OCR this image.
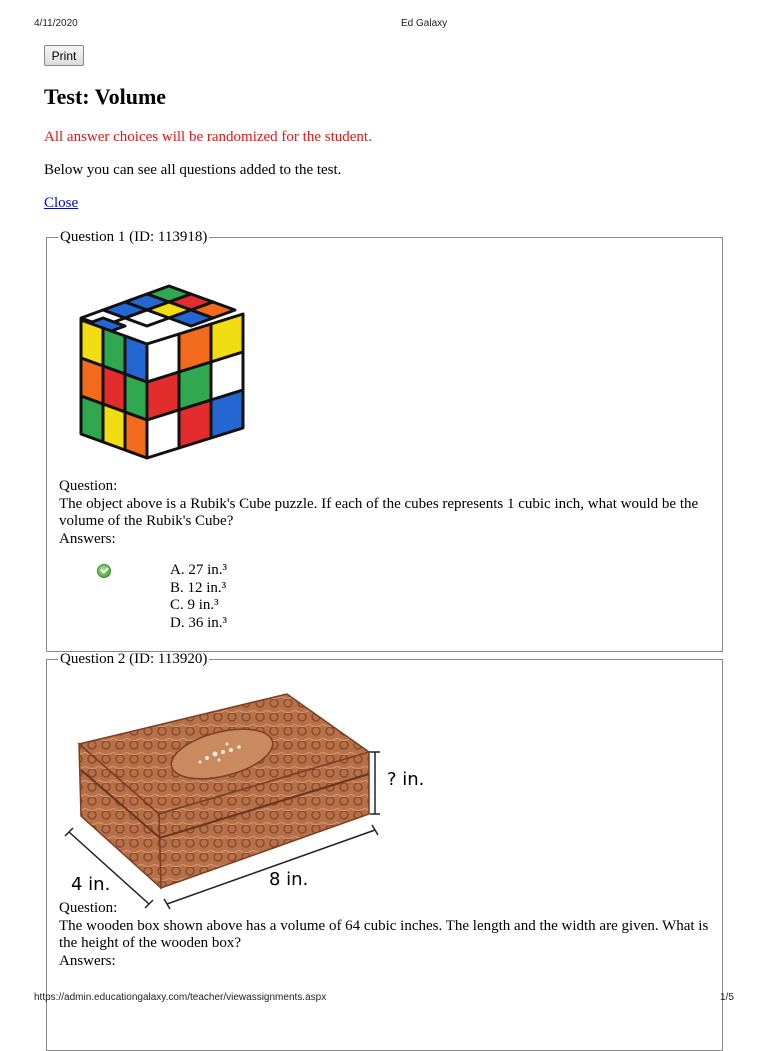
4/11/2020	Ed Galaxy
Print
Test: Volume
All answer choices will be randomized for the student.
Below you can see all questions added to the test.
Close
Question 1 (ID: 113918)
Question:
The object above is a Rubik's Cube puzzle. If each of the cubes represents 1 cubic inch, what would be the volume of the Rubik's Cube?
Answers:
A. 27 in.³
B. 12 in.³
C. 9 in.³
D. 36 in.³
Question 2 (ID: 113920)
? in.
4 in.	8 in.
Question:
The wooden box shown above has a volume of 64 cubic inches. The length and the width are given. What is the height of the wooden box?
Answers:
https://admin.educationgalaxy.com/teacher/viewassignments.aspx	1/5
